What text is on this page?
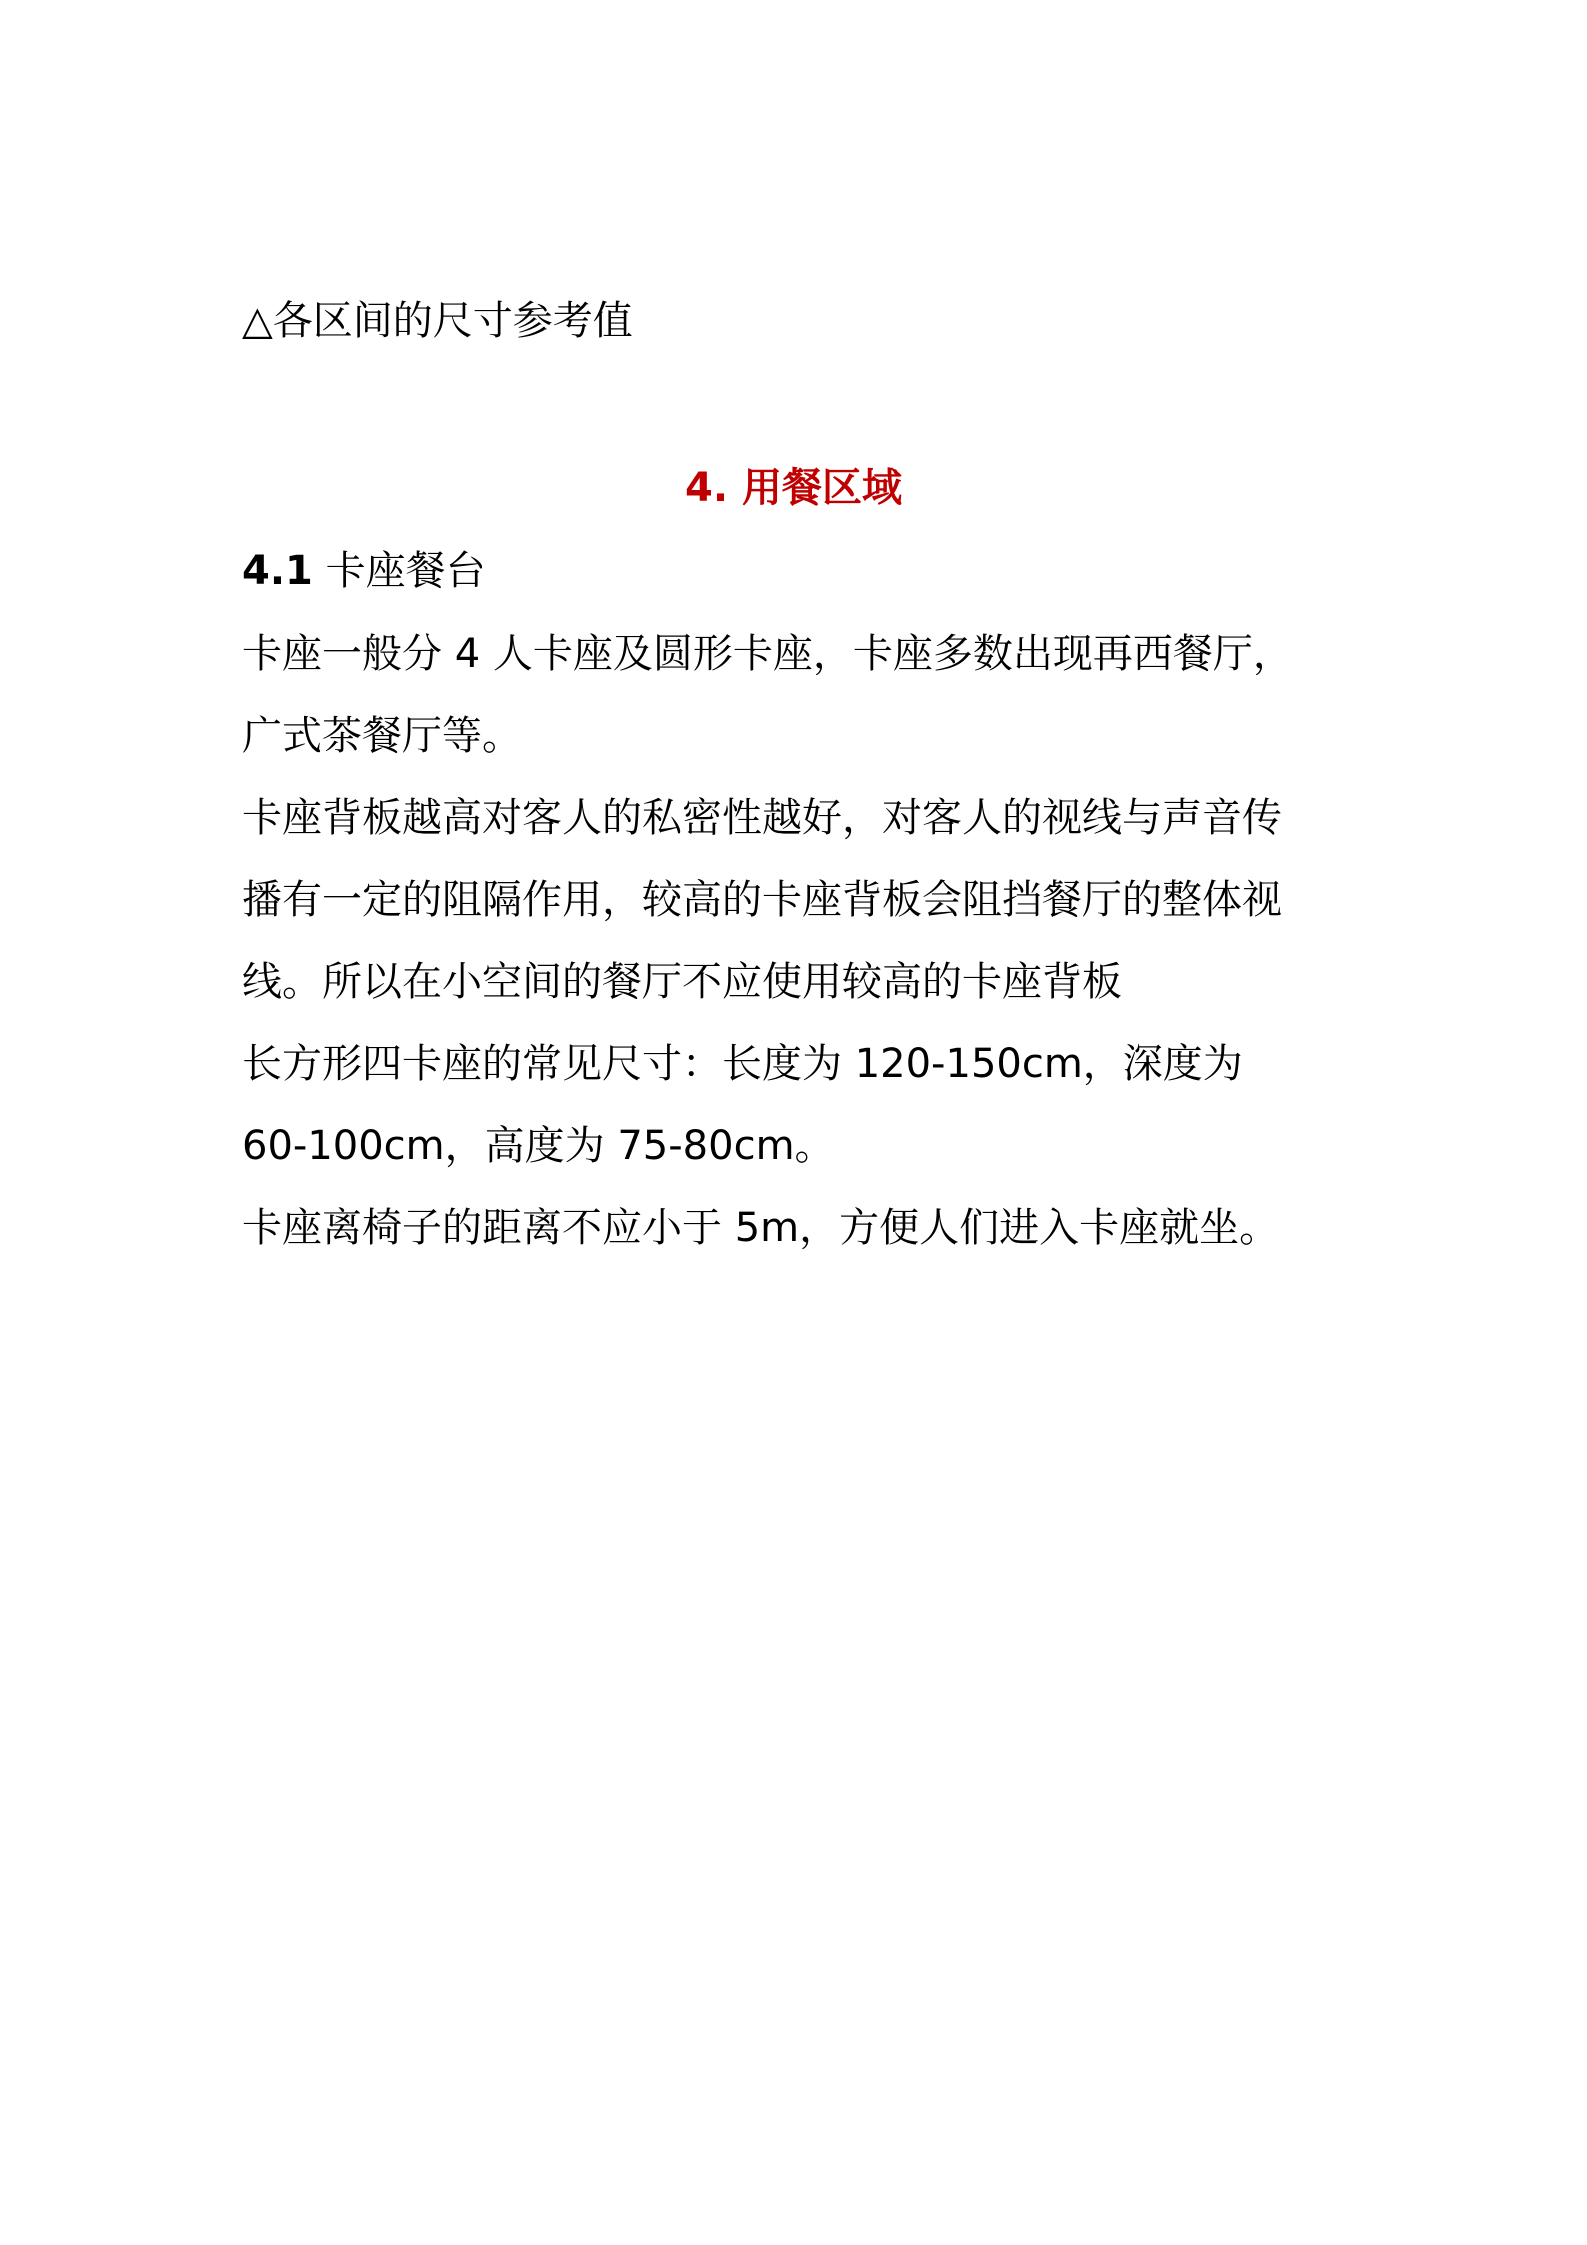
△各区间的尺寸参考值
4. 用餐区域
4.1 卡座餐台
卡座一般分 4 人卡座及圆形卡座，卡座多数出现再西餐厅，
广式茶餐厅等。
卡座背板越高对客人的私密性越好，对客人的视线与声音传
播有一定的阻隔作用，较高的卡座背板会阻挡餐厅的整体视
线。所以在小空间的餐厅不应使用较高的卡座背板
长方形四卡座的常见尺寸：长度为 120-150cm，深度为
60-100cm，高度为 75-80cm。
卡座离椅子的距离不应小于 5m，方便人们进入卡座就坐。
